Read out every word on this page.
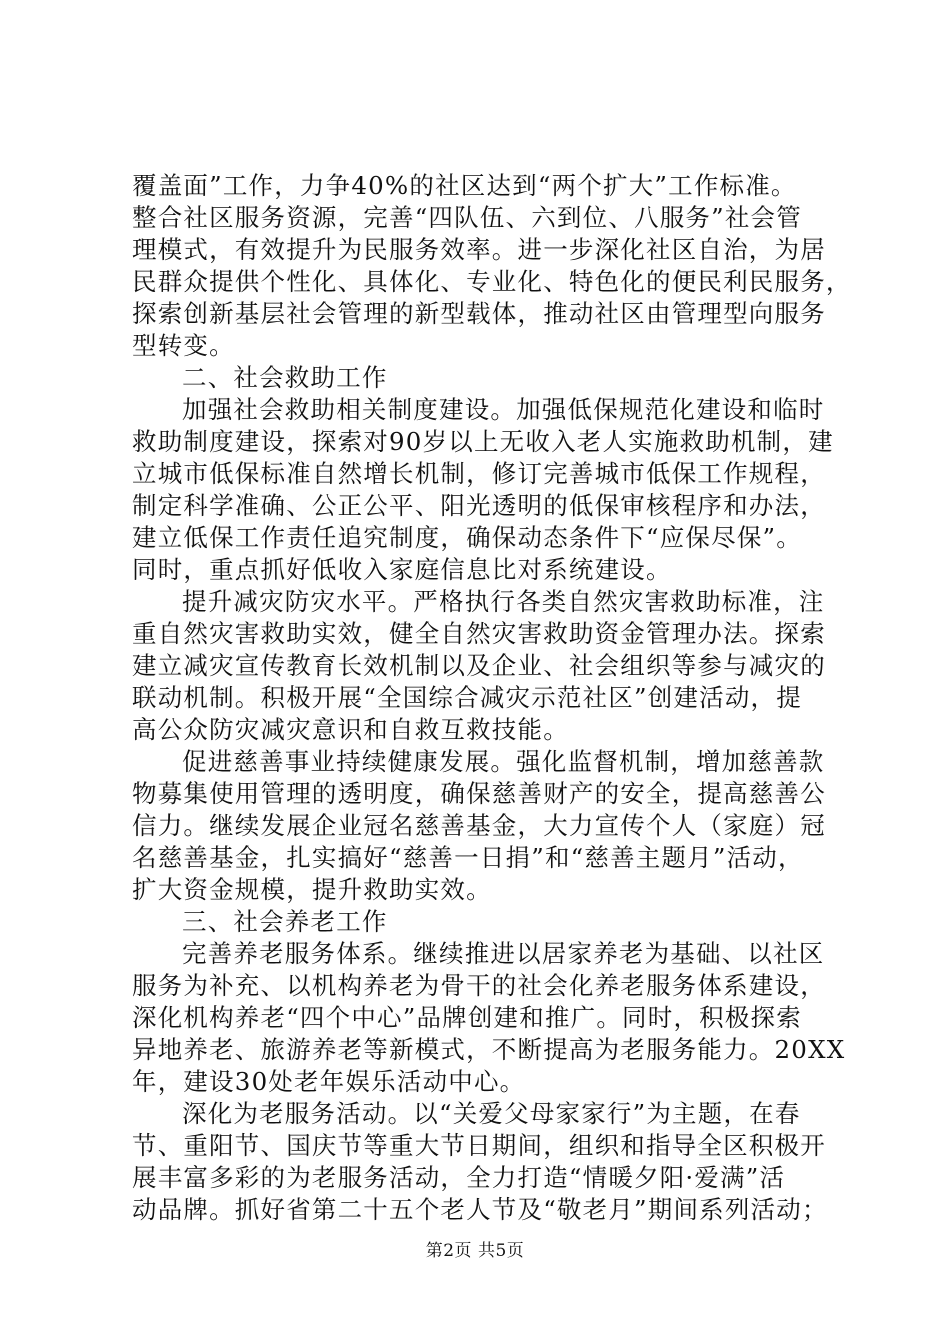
覆盖面”工作，力争40%的社区达到“两个扩大”工作标准。
整合社区服务资源，完善“四队伍、六到位、八服务”社会管
理模式，有效提升为民服务效率。进一步深化社区自治，为居
民群众提供个性化、具体化、专业化、特色化的便民利民服务，
探索创新基层社会管理的新型载体，推动社区由管理型向服务
型转变。
二、社会救助工作
加强社会救助相关制度建设。加强低保规范化建设和临时
救助制度建设，探索对90岁以上无收入老人实施救助机制，建
立城市低保标准自然增长机制，修订完善城市低保工作规程，
制定科学准确、公正公平、阳光透明的低保审核程序和办法，
建立低保工作责任追究制度，确保动态条件下“应保尽保”。
同时，重点抓好低收入家庭信息比对系统建设。
提升减灾防灾水平。严格执行各类自然灾害救助标准，注
重自然灾害救助实效，健全自然灾害救助资金管理办法。探索
建立减灾宣传教育长效机制以及企业、社会组织等参与减灾的
联动机制。积极开展“全国综合减灾示范社区”创建活动，提
高公众防灾减灾意识和自救互救技能。
促进慈善事业持续健康发展。强化监督机制，增加慈善款
物募集使用管理的透明度，确保慈善财产的安全，提高慈善公
信力。继续发展企业冠名慈善基金，大力宣传个人（家庭）冠
名慈善基金，扎实搞好“慈善一日捐”和“慈善主题月”活动，
扩大资金规模，提升救助实效。
三、社会养老工作
完善养老服务体系。继续推进以居家养老为基础、以社区
服务为补充、以机构养老为骨干的社会化养老服务体系建设，
深化机构养老“四个中心”品牌创建和推广。同时，积极探索
异地养老、旅游养老等新模式，不断提高为老服务能力。20XX
年，建设30处老年娱乐活动中心。
深化为老服务活动。以“关爱父母家家行”为主题，在春
节、重阳节、国庆节等重大节日期间，组织和指导全区积极开
展丰富多彩的为老服务活动，全力打造“情暖夕阳·爱满”活
动品牌。抓好省第二十五个老人节及“敬老月”期间系列活动；
第2页 共5页
